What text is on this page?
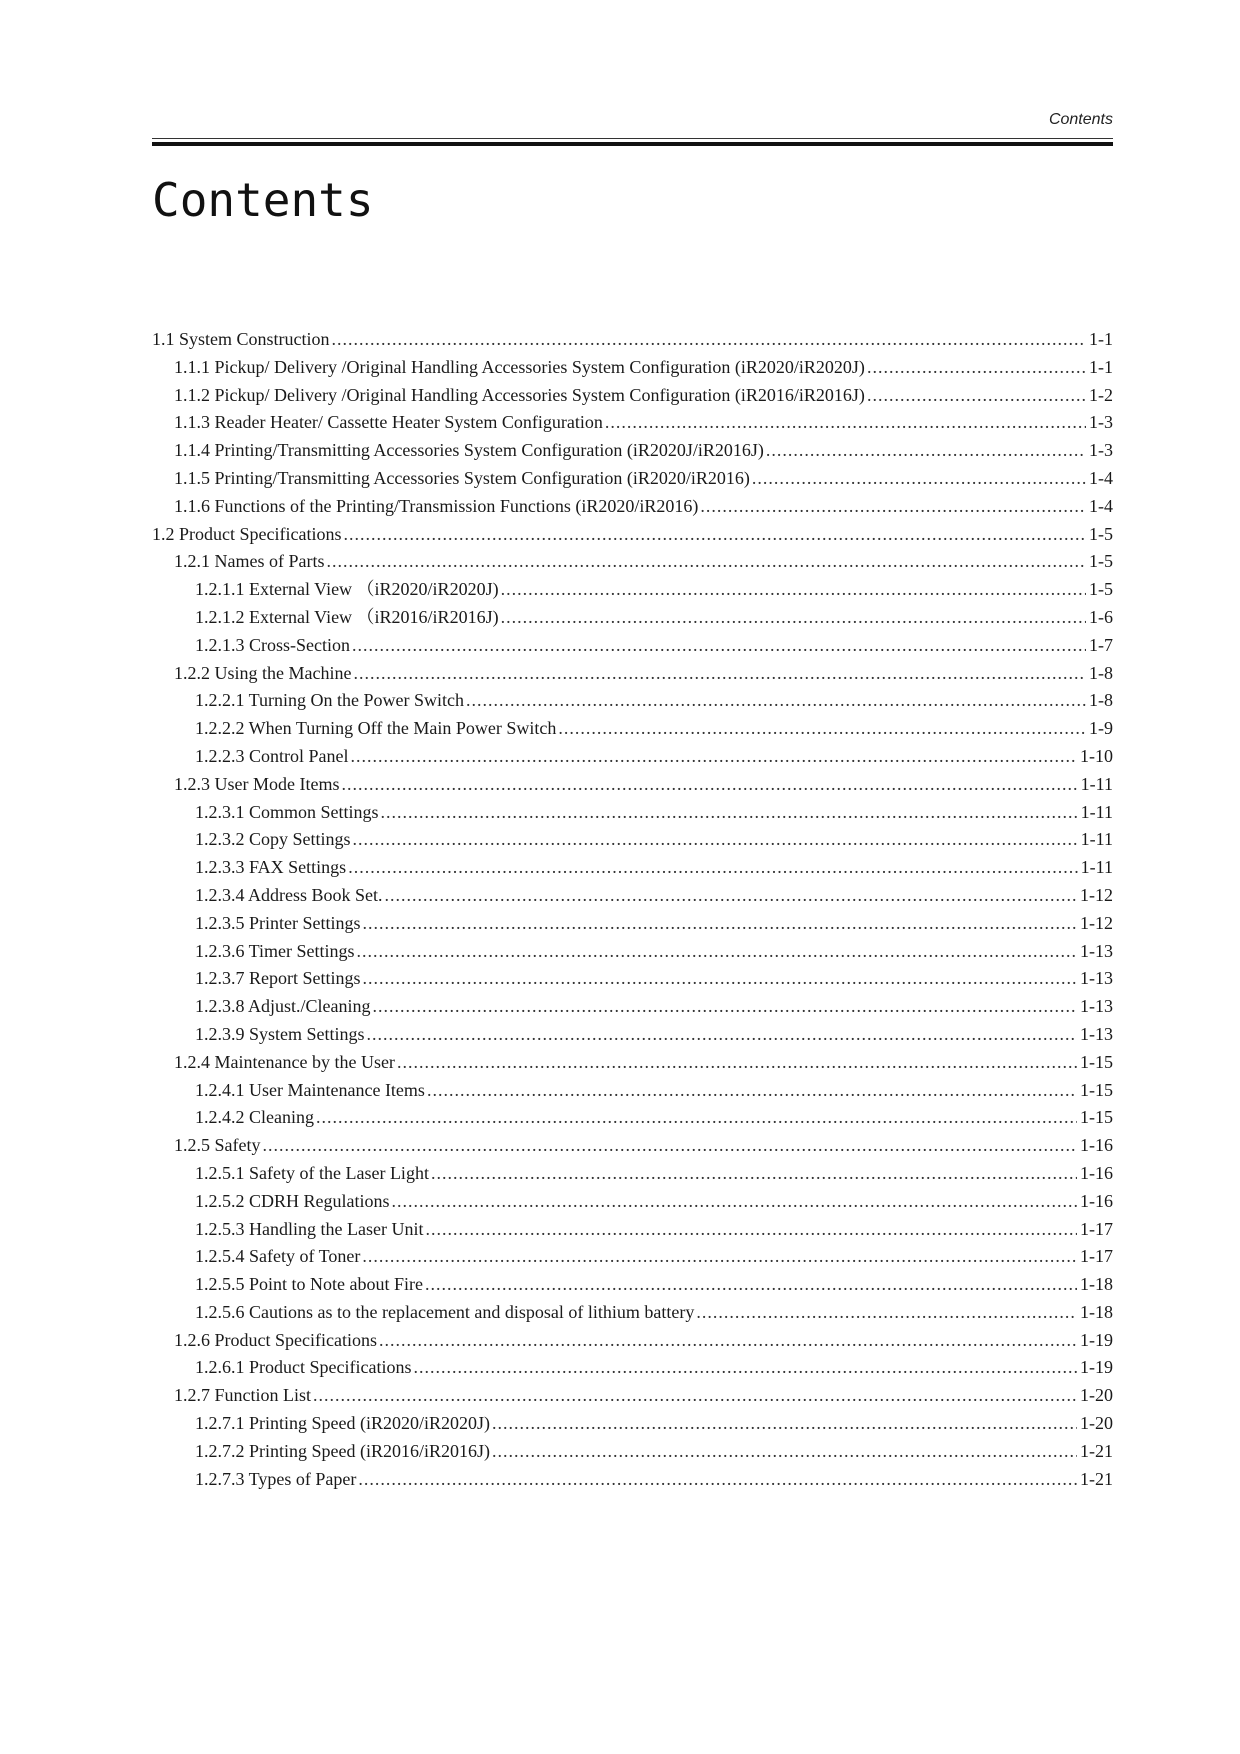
Contents
Contents
1.1 System Construction .....	1-1
1.1.1 Pickup/ Delivery /Original Handling Accessories System Configuration (iR2020/iR2020J) .....	1-1
1.1.2 Pickup/ Delivery /Original Handling Accessories System Configuration (iR2016/iR2016J) .....	1-2
1.1.3 Reader Heater/ Cassette Heater System Configuration .....	1-3
1.1.4 Printing/Transmitting Accessories System Configuration (iR2020J/iR2016J) .....	1-3
1.1.5 Printing/Transmitting Accessories System Configuration (iR2020/iR2016) .....	1-4
1.1.6 Functions of the Printing/Transmission Functions (iR2020/iR2016) .....	1-4
1.2 Product Specifications .....	1-5
1.2.1 Names of Parts .....	1-5
1.2.1.1 External View （iR2020/iR2020J) .....	1-5
1.2.1.2 External View （iR2016/iR2016J) .....	1-6
1.2.1.3 Cross-Section .....	1-7
1.2.2 Using the Machine .....	1-8
1.2.2.1 Turning On the Power Switch .....	1-8
1.2.2.2 When Turning Off the Main Power Switch .....	1-9
1.2.2.3 Control Panel .....	1-10
1.2.3 User Mode Items .....	1-11
1.2.3.1 Common Settings .....	1-11
1.2.3.2 Copy Settings .....	1-11
1.2.3.3 FAX Settings .....	1-11
1.2.3.4 Address Book Set. .....	1-12
1.2.3.5 Printer Settings .....	1-12
1.2.3.6 Timer Settings .....	1-13
1.2.3.7 Report Settings .....	1-13
1.2.3.8 Adjust./Cleaning .....	1-13
1.2.3.9 System Settings .....	1-13
1.2.4 Maintenance by the User .....	1-15
1.2.4.1 User Maintenance Items .....	1-15
1.2.4.2 Cleaning .....	1-15
1.2.5 Safety .....	1-16
1.2.5.1 Safety of the Laser Light .....	1-16
1.2.5.2 CDRH Regulations .....	1-16
1.2.5.3 Handling the Laser Unit .....	1-17
1.2.5.4 Safety of Toner .....	1-17
1.2.5.5 Point to Note about Fire .....	1-18
1.2.5.6 Cautions as to the replacement and disposal of lithium battery .....	1-18
1.2.6 Product Specifications .....	1-19
1.2.6.1 Product Specifications .....	1-19
1.2.7 Function List .....	1-20
1.2.7.1 Printing Speed (iR2020/iR2020J) .....	1-20
1.2.7.2 Printing Speed (iR2016/iR2016J) .....	1-21
1.2.7.3 Types of Paper .....	1-21
